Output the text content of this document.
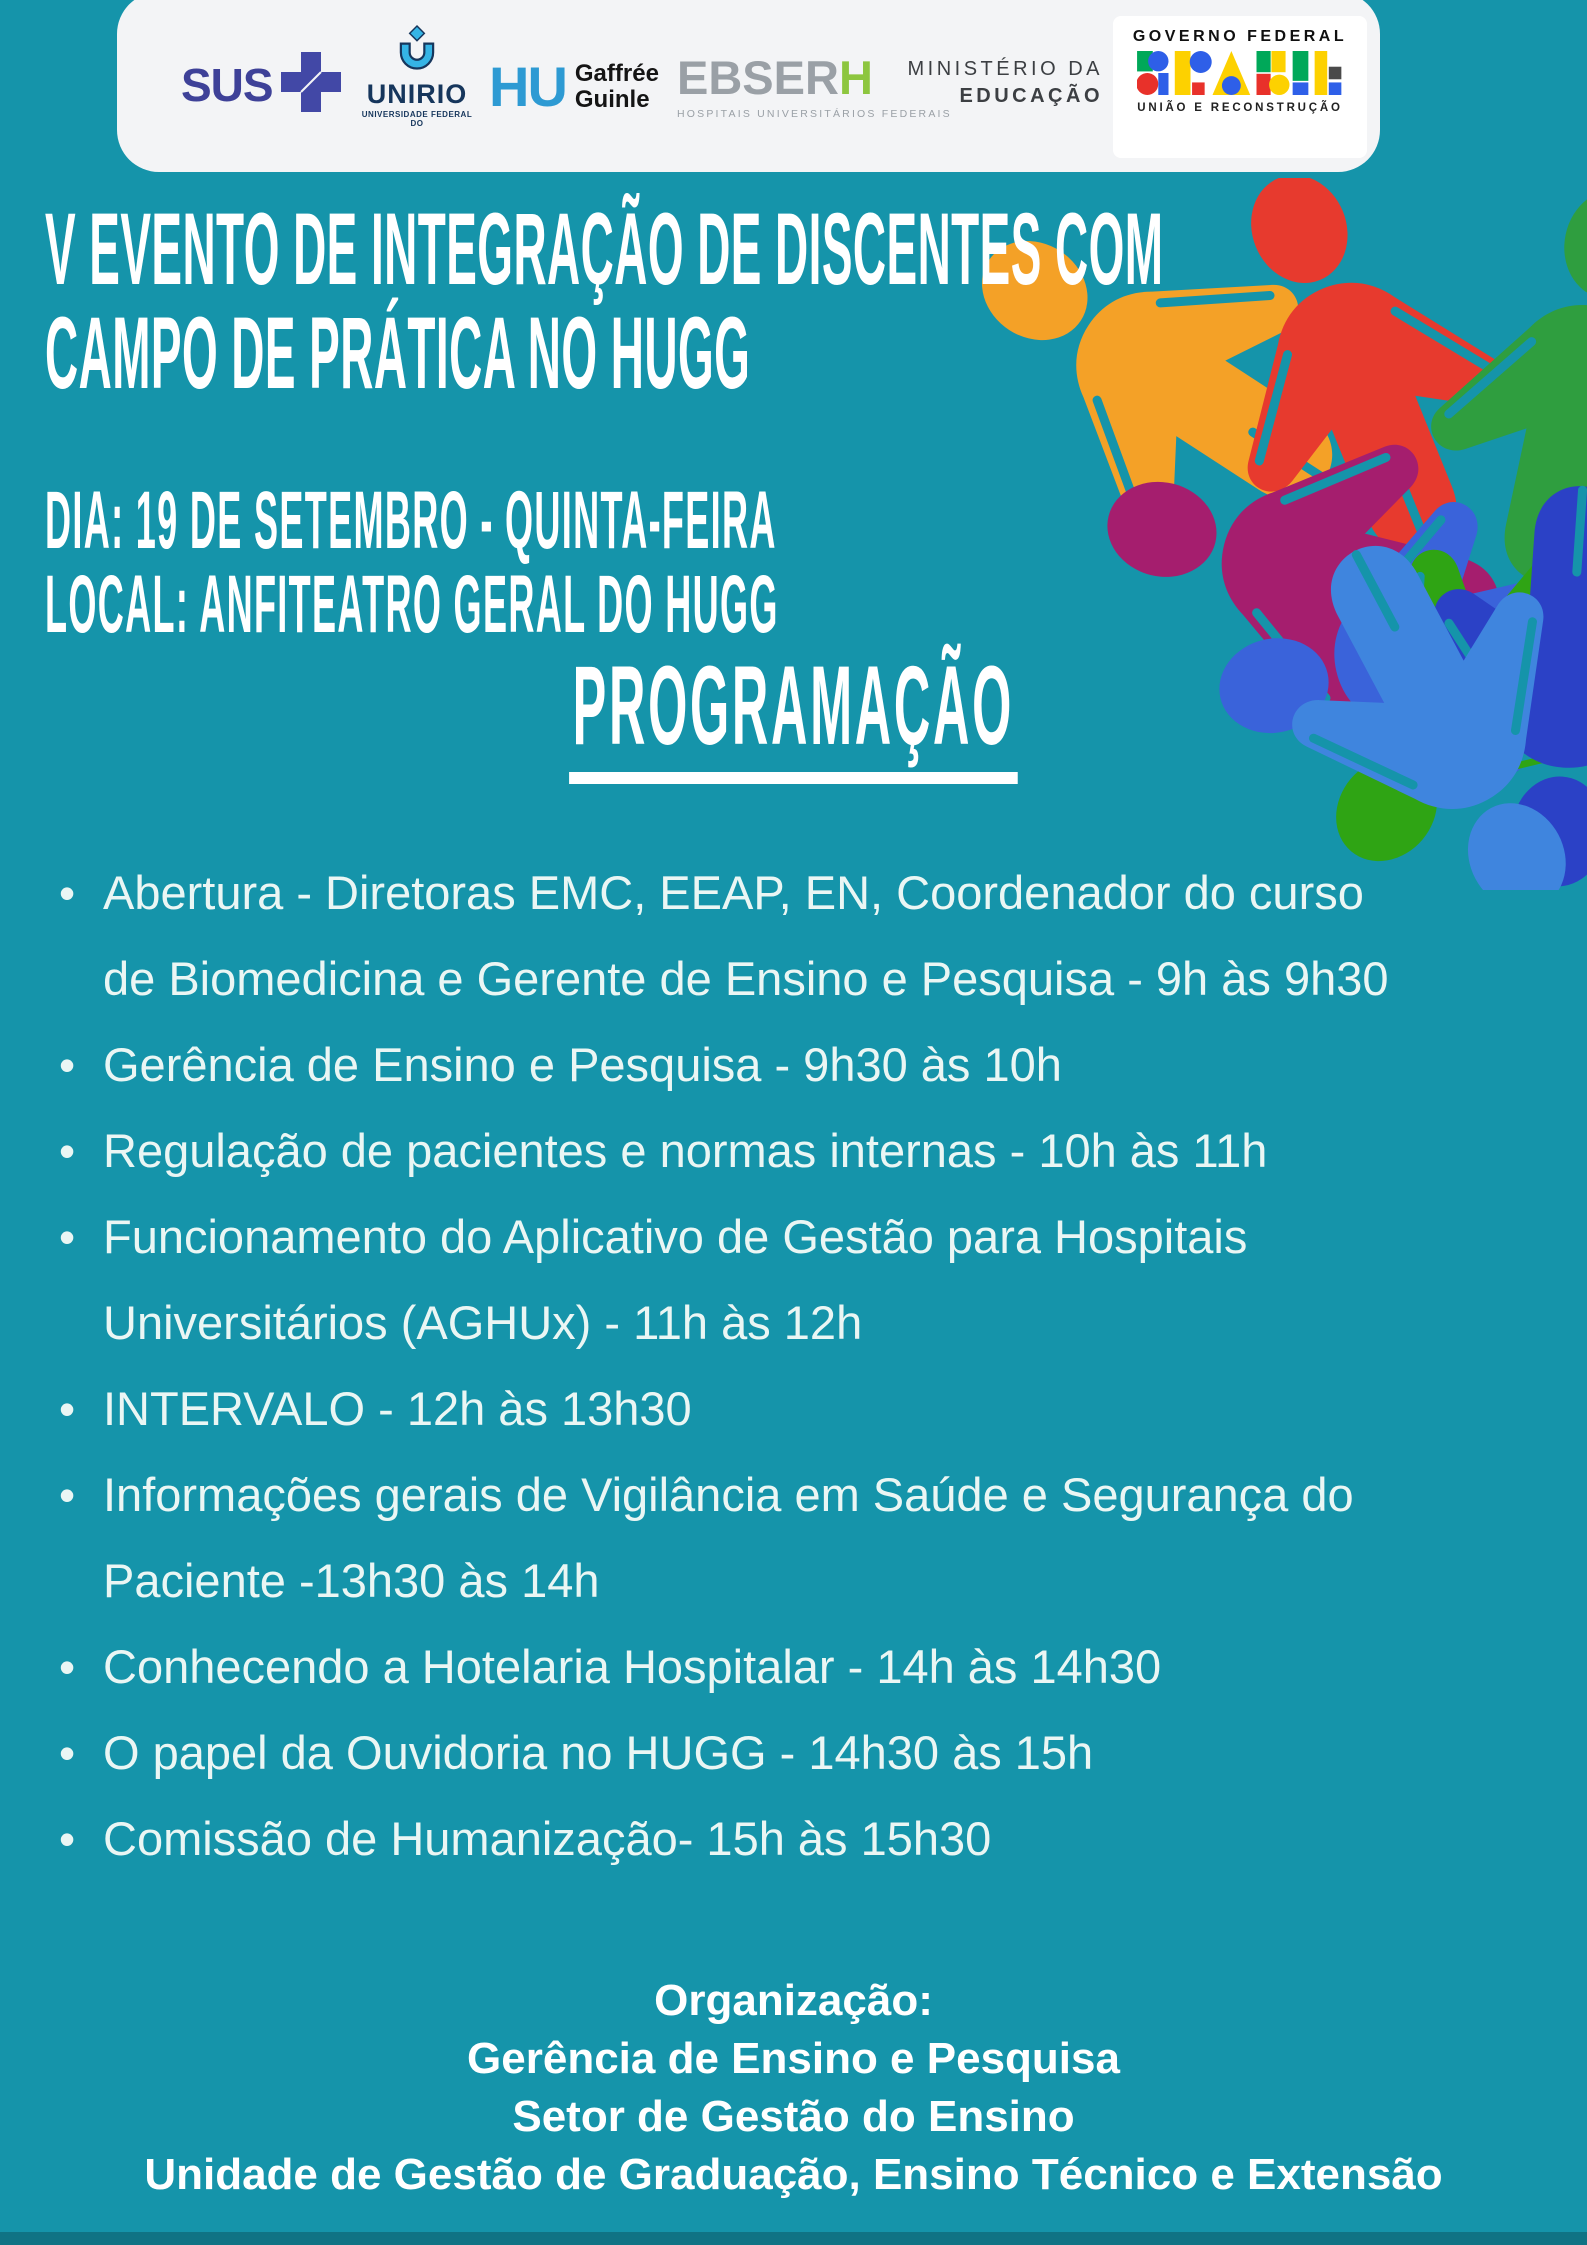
SUS	UNIRIO
UNIVERSIDADE FEDERAL DO
HU Gaffrée
Guinle EBSERH
HOSPITAIS UNIVERSITÁRIOS FEDERAIS
MINISTÉRIO DA
EDUCAÇÃO
GOVERNO FEDERAL
UNIÃO E RECONSTRUÇÃO
V EVENTO DE INTEGRAÇÃO DE DISCENTES COM
CAMPO DE PRÁTICA NO HUGG
DIA: 19 DE SETEMBRO - QUINTA-FEIRA
LOCAL: ANFITEATRO GERAL DO HUGG
PROGRAMAÇÃO
• Abertura - Diretoras EMC, EEAP, EN, Coordenador do curso de Biomedicina e Gerente de Ensino e Pesquisa - 9h às 9h30
• Gerência de Ensino e Pesquisa - 9h30 às 10h
• Regulação de pacientes e normas internas - 10h às 11h
• Funcionamento do Aplicativo de Gestão para Hospitais Universitários (AGHUx) - 11h às 12h
• INTERVALO - 12h às 13h30
• Informações gerais de Vigilância em Saúde e Segurança do Paciente -13h30 às 14h
• Conhecendo a Hotelaria Hospitalar - 14h às 14h30
• O papel da Ouvidoria no HUGG - 14h30 às 15h
• Comissão de Humanização- 15h às 15h30
Organização:
Gerência de Ensino e Pesquisa
Setor de Gestão do Ensino
Unidade de Gestão de Graduação, Ensino Técnico e Extensão
